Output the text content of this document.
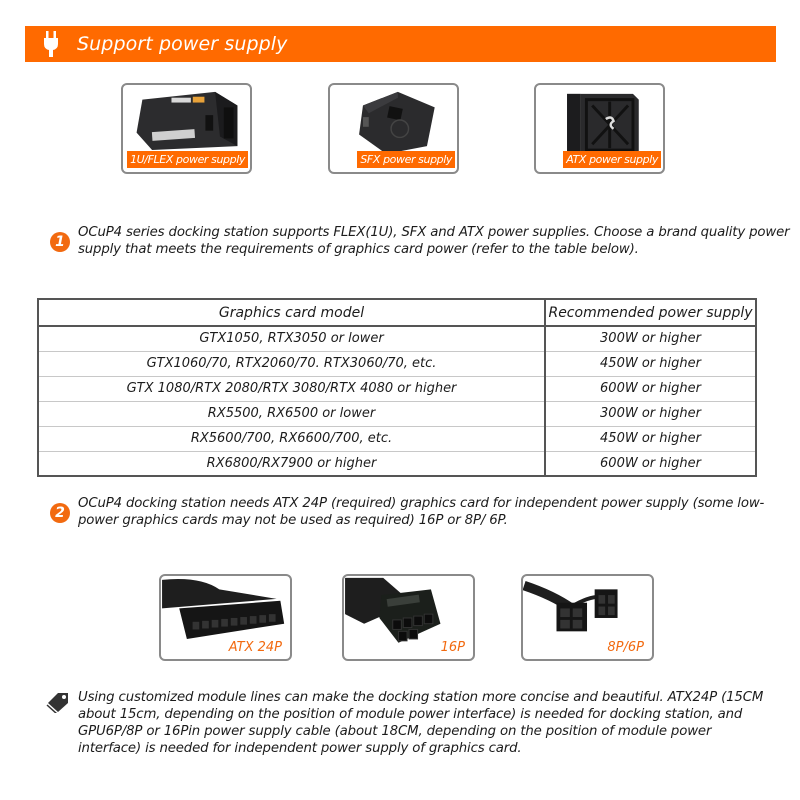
Support power supply
1U/FLEX power supply	SFX power supply	ATX power supply
1

OCuP4 series docking station supports FLEX(1U), SFX and ATX power supplies. Choose a brand quality power supply that meets the requirements of graphics card power (refer to the table below).

Graphics card model	Recommended power supply
GTX1050, RTX3050 or lower	300W or higher
GTX1060/70, RTX2060/70. RTX3060/70, etc.	450W or higher
GTX 1080/RTX 2080/RTX 3080/RTX 4080 or higher	600W or higher
RX5500, RX6500 or lower	300W or higher
RX5600/700, RX6600/700, etc.	450W or higher
RX6800/RX7900 or higher	600W or higher
2

OCuP4 docking station needs ATX 24P (required) graphics card for independent power supply (some low-power graphics cards may not be used as required) 16P or 8P/ 6P.

ATX 24P	16P	8P/6P

Using customized module lines can make the docking station more concise and beautiful. ATX24P (15CM about 15cm, depending on the position of module power interface) is needed for docking station, and GPU6P/8P or 16Pin power supply cable (about 18CM, depending on the position of module power interface) is needed for independent power supply of graphics card.
